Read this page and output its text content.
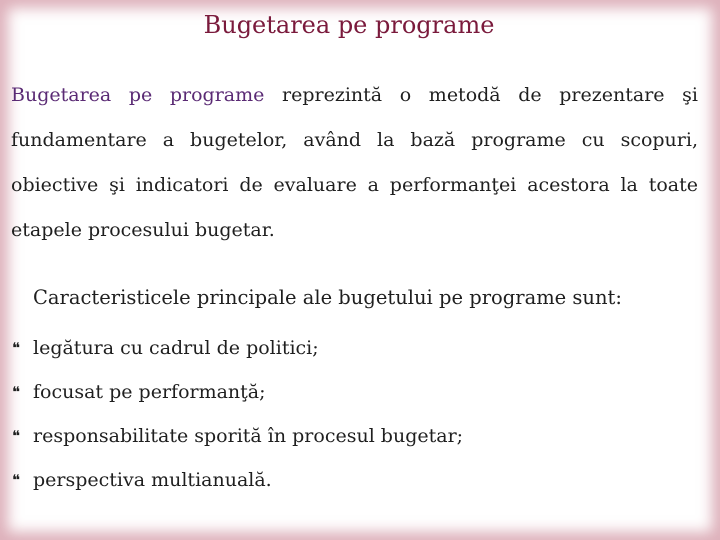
Bugetarea pe programe

Bugetarea pe programe reprezintă o metodă de prezentare şi fundamentare a bugetelor, având la bază programe cu scopuri, obiective şi indicatori de evaluare a performanţei acestora la toate etapele procesului bugetar.

Caracteristicele principale ale bugetului pe programe sunt:

❝ legătura cu cadrul de politici;
❝ focusat pe performanţă;
❝ responsabilitate sporită în procesul bugetar;
❝ perspectiva multianuală.
